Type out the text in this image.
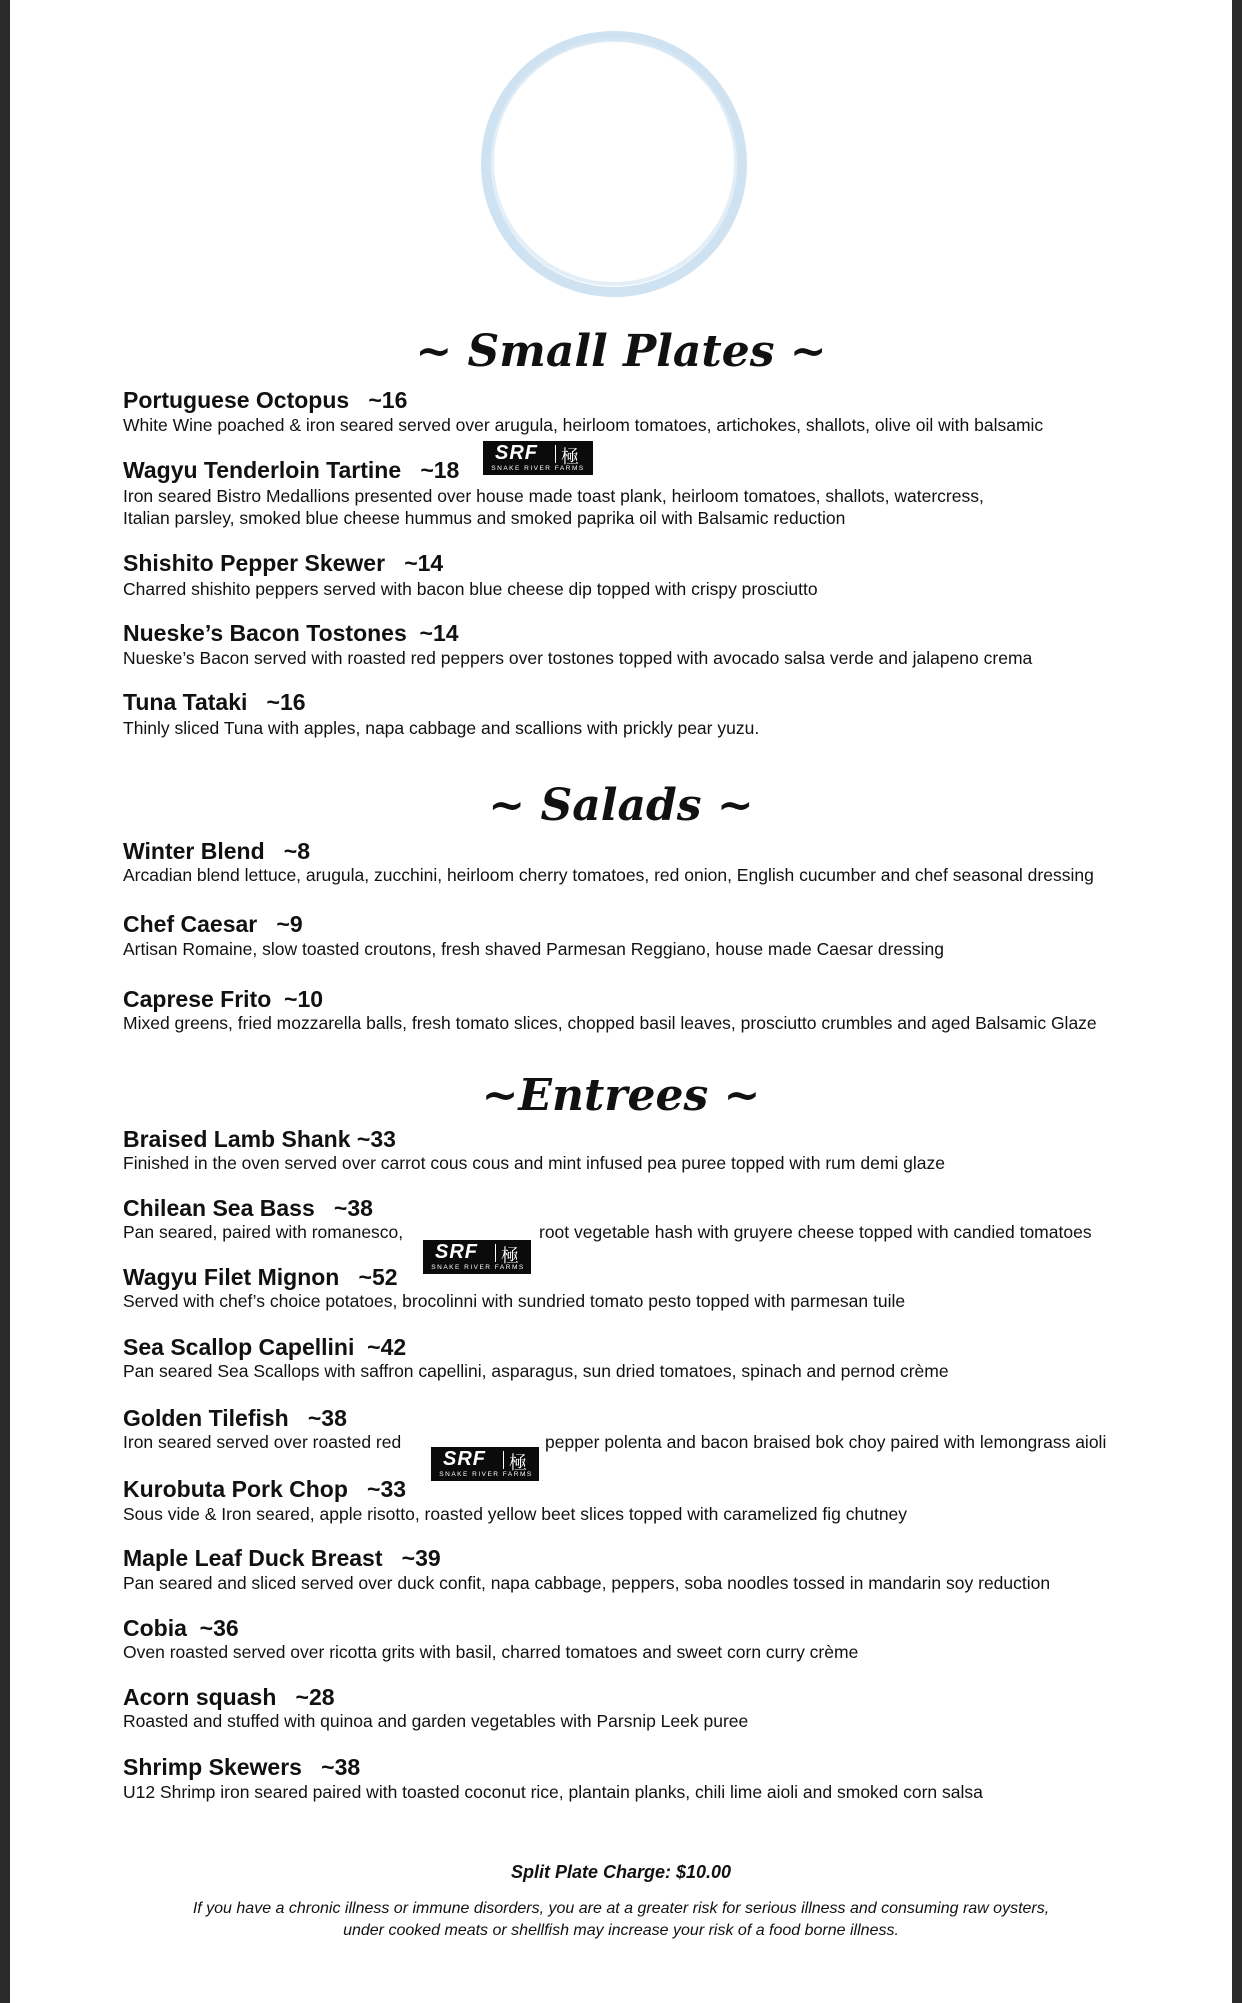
~ Small Plates ~
Portuguese Octopus   ~16
White Wine poached & iron seared served over arugula, heirloom tomatoes, artichokes, shallots, olive oil with balsamic
Wagyu Tenderloin Tartine   ~18
SRF 極
SNAKE RIVER FARMS
Iron seared Bistro Medallions presented over house made toast plank, heirloom tomatoes, shallots, watercress,
Italian parsley, smoked blue cheese hummus and smoked paprika oil with Balsamic reduction
Shishito Pepper Skewer   ~14
Charred shishito peppers served with bacon blue cheese dip topped with crispy prosciutto
Nueske’s Bacon Tostones  ~14
Nueske’s Bacon served with roasted red peppers over tostones topped with avocado salsa verde and jalapeno crema
Tuna Tataki   ~16
Thinly sliced Tuna with apples, napa cabbage and scallions with prickly pear yuzu.
~ Salads ~
Winter Blend   ~8
Arcadian blend lettuce, arugula, zucchini, heirloom cherry tomatoes, red onion, English cucumber and chef seasonal dressing
Chef Caesar   ~9
Artisan Romaine, slow toasted croutons, fresh shaved Parmesan Reggiano, house made Caesar dressing
Caprese Frito  ~10
Mixed greens, fried mozzarella balls, fresh tomato slices, chopped basil leaves, prosciutto crumbles and aged Balsamic Glaze
~Entrees ~
Braised Lamb Shank ~33
Finished in the oven served over carrot cous cous and mint infused pea puree topped with rum demi glaze
Chilean Sea Bass   ~38
Pan seared, paired with romanesco,	root vegetable hash with gruyere cheese topped with candied tomatoes
SRF 極
SNAKE RIVER FARMS
Wagyu Filet Mignon   ~52
Served with chef’s choice potatoes, brocolinni with sundried tomato pesto topped with parmesan tuile
Sea Scallop Capellini  ~42
Pan seared Sea Scallops with saffron capellini, asparagus, sun dried tomatoes, spinach and pernod crème
Golden Tilefish   ~38
Iron seared served over roasted red	pepper polenta and bacon braised bok choy paired with lemongrass aioli
SRF 極
SNAKE RIVER FARMS
Kurobuta Pork Chop   ~33
Sous vide & Iron seared, apple risotto, roasted yellow beet slices topped with caramelized fig chutney
Maple Leaf Duck Breast   ~39
Pan seared and sliced served over duck confit, napa cabbage, peppers, soba noodles tossed in mandarin soy reduction
Cobia  ~36
Oven roasted served over ricotta grits with basil, charred tomatoes and sweet corn curry crème
Acorn squash   ~28
Roasted and stuffed with quinoa and garden vegetables with Parsnip Leek puree
Shrimp Skewers   ~38
U12 Shrimp iron seared paired with toasted coconut rice, plantain planks, chili lime aioli and smoked corn salsa
Split Plate Charge: $10.00
If you have a chronic illness or immune disorders, you are at a greater risk for serious illness and consuming raw oysters,
under cooked meats or shellfish may increase your risk of a food borne illness.
